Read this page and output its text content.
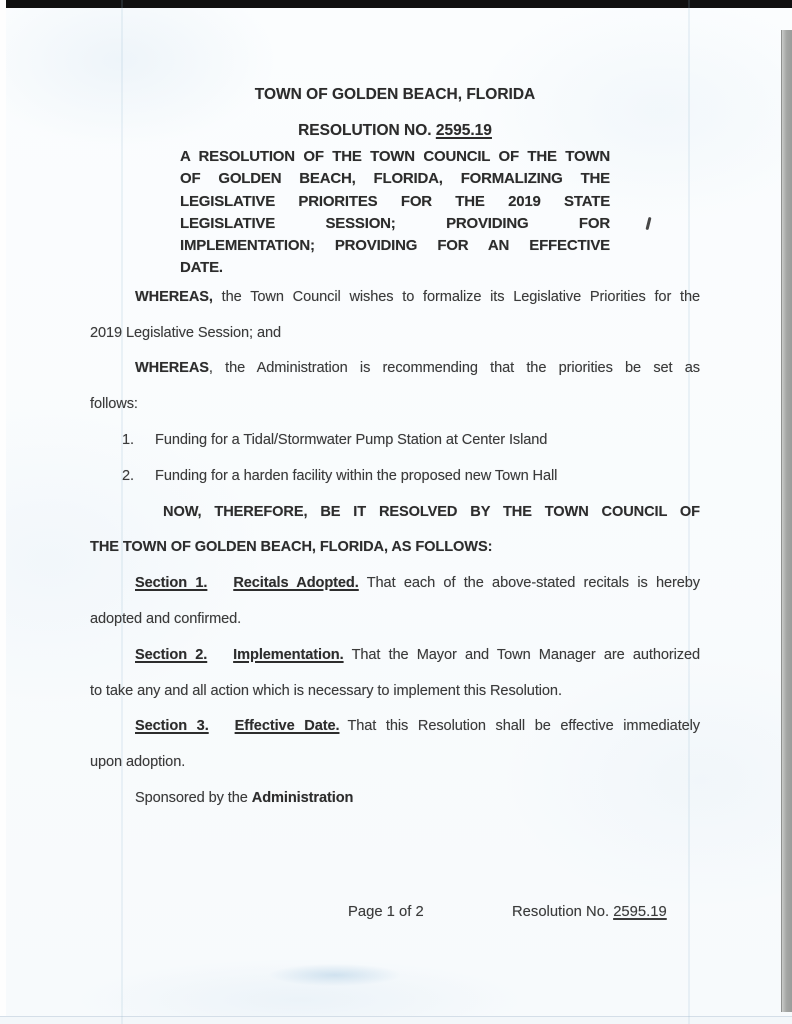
TOWN OF GOLDEN BEACH, FLORIDA
RESOLUTION NO. 2595.19
A RESOLUTION OF THE TOWN COUNCIL OF THE TOWN
OF GOLDEN BEACH, FLORIDA, FORMALIZING THE
LEGISLATIVE PRIORITES FOR THE 2019 STATE
LEGISLATIVE SESSION; PROVIDING FOR
IMPLEMENTATION; PROVIDING FOR AN EFFECTIVE
DATE.
WHEREAS, the Town Council wishes to formalize its Legislative Priorities for the
2019 Legislative Session; and
WHEREAS, the Administration is recommending that the priorities be set as
follows:
1. Funding for a Tidal/Stormwater Pump Station at Center Island
2. Funding for a harden facility within the proposed new Town Hall
NOW, THEREFORE, BE IT RESOLVED BY THE TOWN COUNCIL OF
THE TOWN OF GOLDEN BEACH, FLORIDA, AS FOLLOWS:
Section 1. Recitals Adopted. That each of the above-stated recitals is hereby
adopted and confirmed.
Section 2. Implementation. That the Mayor and Town Manager are authorized
to take any and all action which is necessary to implement this Resolution.
Section 3. Effective Date. That this Resolution shall be effective immediately
upon adoption.
Sponsored by the Administration
Page 1 of 2	Resolution No. 2595.19
